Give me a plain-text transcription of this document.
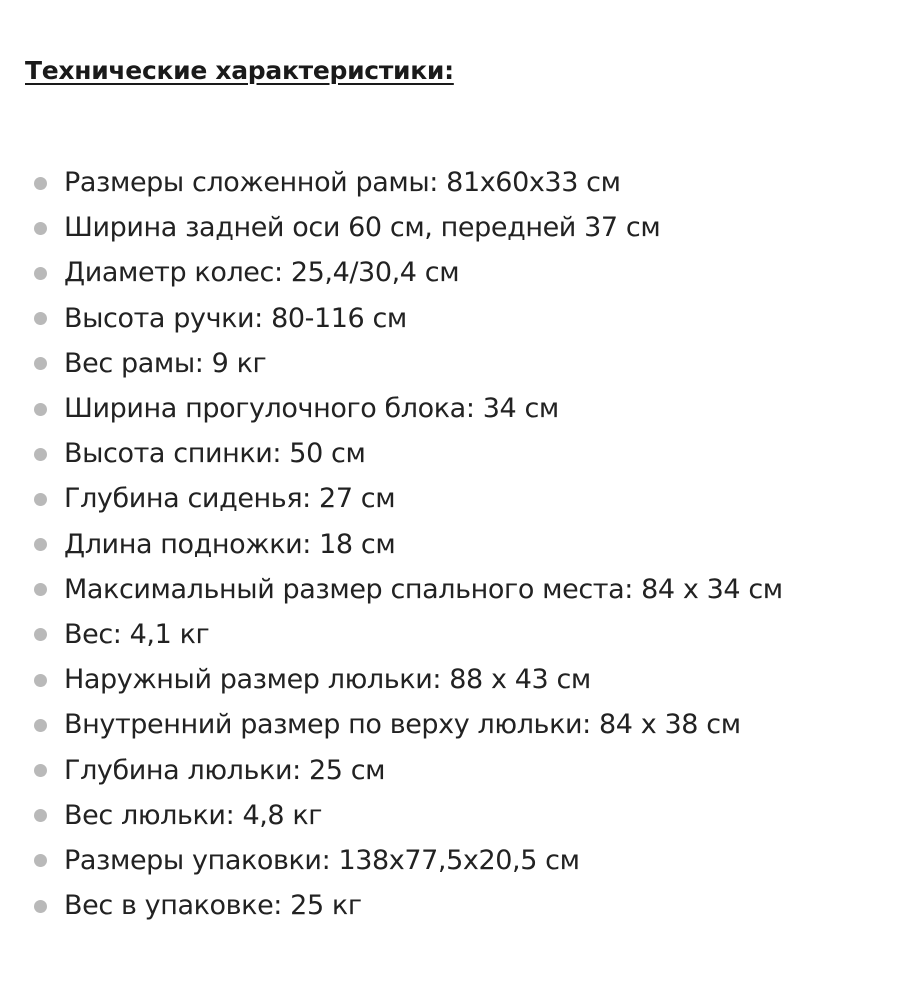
Технические характеристики:
Размеры сложенной рамы: 81x60x33 см
Ширина задней оси 60 см, передней 37 см
Диаметр колес: 25,4/30,4 см
Высота ручки: 80-116 см
Вес рамы: 9 кг
Ширина прогулочного блока: 34 см
Высота спинки: 50 см
Глубина сиденья: 27 см
Длина подножки: 18 см
Максимальный размер спального места: 84 x 34 см
Вес: 4,1 кг
Наружный размер люльки: 88 x 43 см
Внутренний размер по верху люльки: 84 x 38 см
Глубина люльки: 25 см
Вес люльки: 4,8 кг
Размеры упаковки: 138x77,5x20,5 см
Вес в упаковке: 25 кг
